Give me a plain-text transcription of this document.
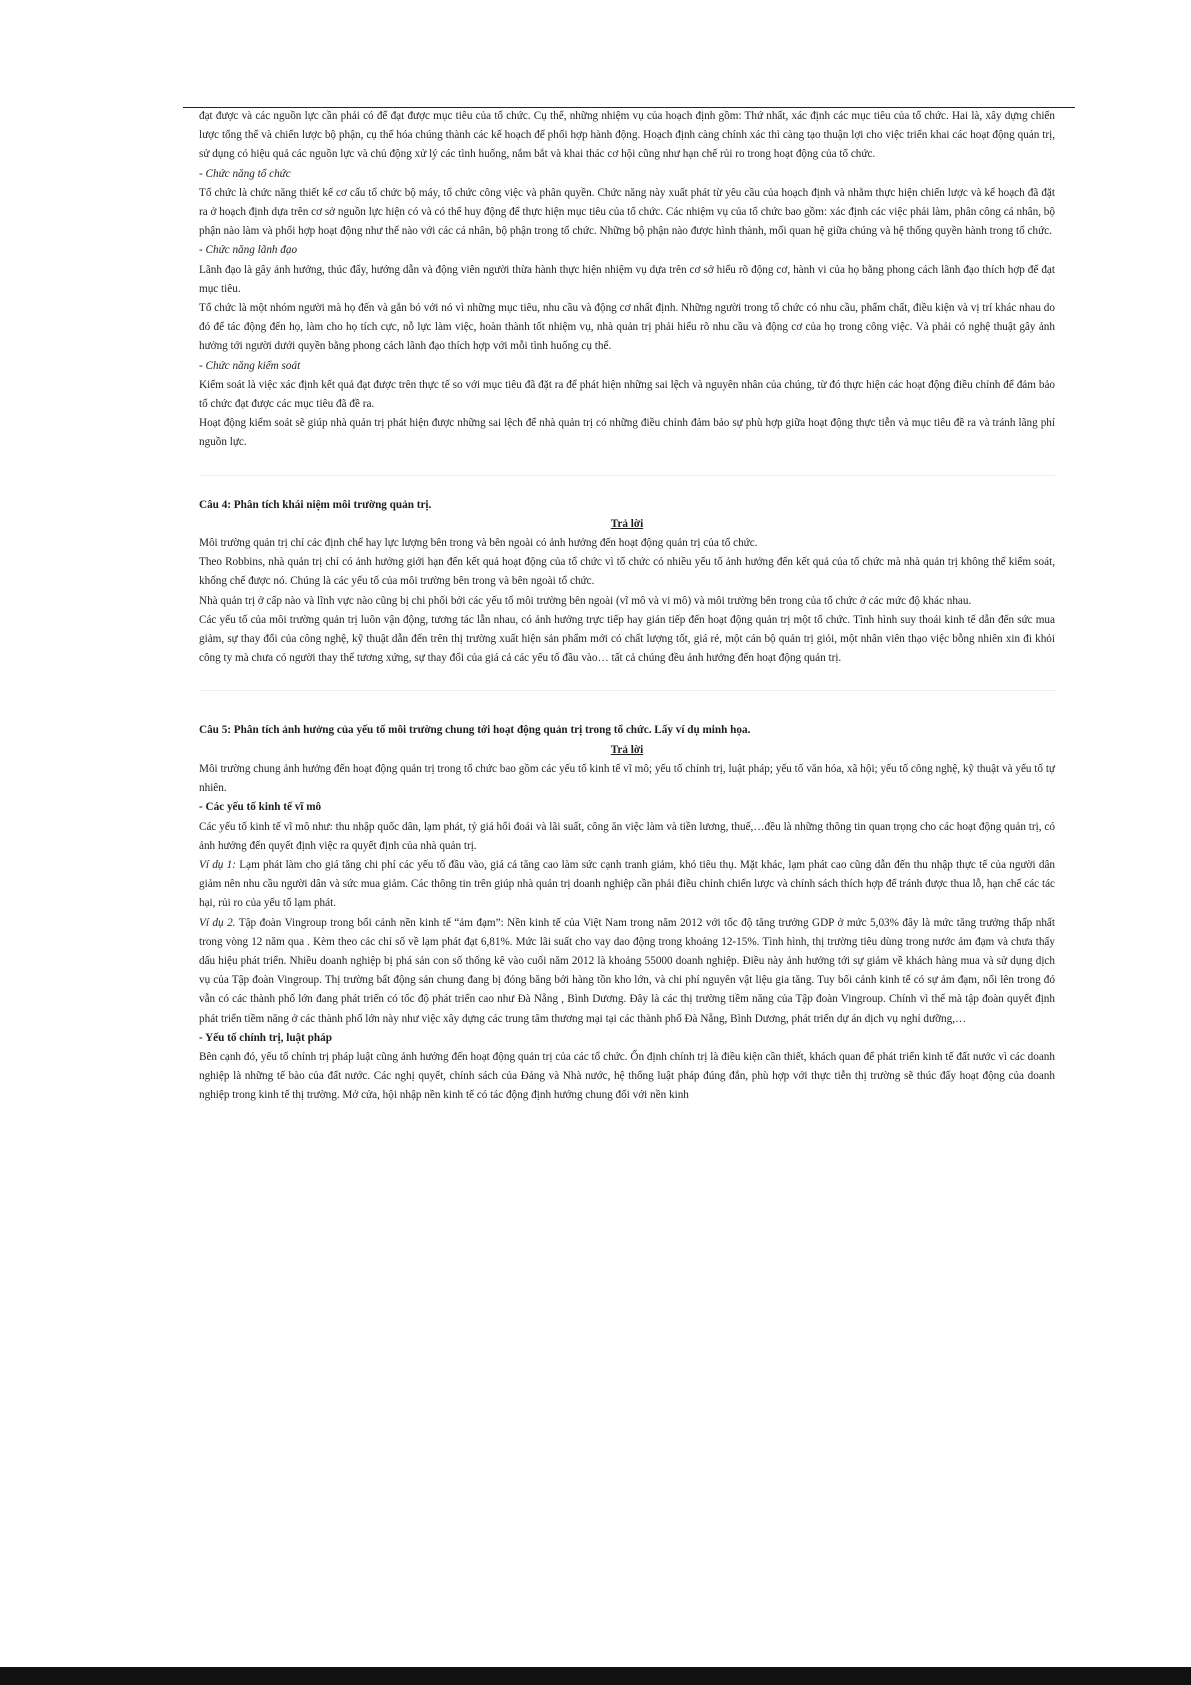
đạt được và các nguồn lực cần phải có để đạt được mục tiêu của tổ chức. Cụ thể, những nhiệm vụ của hoạch định gồm: Thứ nhất, xác định các mục tiêu của tổ chức. Hai là, xây dựng chiến lược tổng thể và chiến lược bộ phận, cụ thể hóa chúng thành các kế hoạch để phối hợp hành động. Hoạch định càng chính xác thì càng tạo thuận lợi cho việc triển khai các hoạt động quản trị, sử dụng có hiệu quả các nguồn lực và chủ động xử lý các tình huống, nắm bắt và khai thác cơ hội cũng như hạn chế rủi ro trong hoạt động của tổ chức.

- Chức năng tổ chức

Tổ chức là chức năng thiết kế cơ cấu tổ chức bộ máy, tổ chức công việc và phân quyền. Chức năng này xuất phát từ yêu cầu của hoạch định và nhằm thực hiện chiến lược và kế hoạch đã đặt ra ở hoạch định dựa trên cơ sở nguồn lực hiện có và có thể huy động để thực hiện mục tiêu của tổ chức. Các nhiệm vụ của tổ chức bao gồm: xác định các việc phải làm, phân công cá nhân, bộ phận nào làm và phối hợp hoạt động như thế nào với các cá nhân, bộ phận trong tổ chức. Những bộ phận nào được hình thành, mối quan hệ giữa chúng và hệ thống quyền hành trong tổ chức.

- Chức năng lãnh đạo

Lãnh đạo là gây ảnh hưởng, thúc đẩy, hướng dẫn và động viên người thừa hành thực hiện nhiệm vụ dựa trên cơ sở hiểu rõ động cơ, hành vi của họ bằng phong cách lãnh đạo thích hợp để đạt mục tiêu.

Tổ chức là một nhóm người mà họ đến và gắn bó với nó vì những mục tiêu, nhu cầu và động cơ nhất định. Những người trong tổ chức có nhu cầu, phẩm chất, điều kiện và vị trí khác nhau do đó để tác động đến họ, làm cho họ tích cực, nỗ lực làm việc, hoàn thành tốt nhiệm vụ, nhà quản trị phải hiểu rõ nhu cầu và động cơ của họ trong công việc. Và phải có nghệ thuật gây ảnh hưởng tới người dưới quyền bằng phong cách lãnh đạo thích hợp với mỗi tình huống cụ thể.

- Chức năng kiểm soát

Kiểm soát là việc xác định kết quả đạt được trên thực tế so với mục tiêu đã đặt ra để phát hiện những sai lệch và nguyên nhân của chúng, từ đó thực hiện các hoạt động điều chỉnh để đảm bảo tổ chức đạt được các mục tiêu đã đề ra.

Hoạt động kiểm soát sẽ giúp nhà quản trị phát hiện được những sai lệch để nhà quản trị có những điều chỉnh đảm bảo sự phù hợp giữa hoạt động thực tiễn và mục tiêu đề ra và tránh lãng phí nguồn lực.

Câu 4: Phân tích khái niệm môi trường quản trị.

Trả lời

Môi trường quản trị chỉ các định chế hay lực lượng bên trong và bên ngoài có ảnh hưởng đến hoạt động quản trị của tổ chức.

Theo Robbins, nhà quản trị chỉ có ảnh hưởng giới hạn đến kết quả hoạt động của tổ chức vì tổ chức có nhiều yếu tố ảnh hưởng đến kết quả của tổ chức mà nhà quản trị không thể kiểm soát, khống chế được nó. Chúng là các yếu tố của môi trường bên trong và bên ngoài tổ chức.

Nhà quản trị ở cấp nào và lĩnh vực nào cũng bị chi phối bởi các yếu tố môi trường bên ngoài (vĩ mô và vi mô) và môi trường bên trong của tổ chức ở các mức độ khác nhau.

Các yếu tố của môi trường quản trị luôn vận động, tương tác lẫn nhau, có ảnh hưởng trực tiếp hay gián tiếp đến hoạt động quản trị một tổ chức. Tình hình suy thoái kinh tế dẫn đến sức mua giảm, sự thay đổi của công nghệ, kỹ thuật dẫn đến trên thị trường xuất hiện sản phẩm mới có chất lượng tốt, giá rẻ, một cán bộ quản trị giỏi, một nhân viên thạo việc bỗng nhiên xin đi khỏi công ty mà chưa có người thay thế tương xứng, sự thay đổi của giá cả các yếu tố đầu vào… tất cả chúng đều ảnh hưởng đến hoạt động quản trị.

Câu 5: Phân tích ảnh hưởng của yếu tố môi trường chung tới hoạt động quản trị trong tổ chức. Lấy ví dụ minh họa.

Trả lời

Môi trường chung ảnh hưởng đến hoạt động quản trị trong tổ chức bao gồm các yếu tố kinh tế vĩ mô; yếu tố chính trị, luật pháp; yếu tố văn hóa, xã hội; yếu tố công nghệ, kỹ thuật và yếu tố tự nhiên.

- Các yếu tố kinh tế vĩ mô

Các yếu tố kinh tế vĩ mô như: thu nhập quốc dân, lạm phát, tỷ giá hối đoái và lãi suất, công ăn việc làm và tiền lương, thuế,…đều là những thông tin quan trọng cho các hoạt động quản trị, có ảnh hưởng đến quyết định việc ra quyết định của nhà quản trị.

Ví dụ 1: Lạm phát làm cho giá tăng chi phí các yếu tố đầu vào, giá cả tăng cao làm sức cạnh tranh giảm, khó tiêu thụ. Mặt khác, lạm phát cao cũng dẫn đến thu nhập thực tế của người dân giảm nên nhu cầu người dân và sức mua giảm. Các thông tin trên giúp nhà quản trị doanh nghiệp cần phải điều chỉnh chiến lược và chính sách thích hợp để tránh được thua lỗ, hạn chế các tác hại, rủi ro của yếu tố lạm phát.

Ví dụ 2. Tập đoàn Vingroup trong bối cảnh nền kinh tế “ảm đạm”: Nền kinh tế của Việt Nam trong năm 2012 với tốc độ tăng trưởng GDP ở mức 5,03% đây là mức tăng trưởng thấp nhất trong vòng 12 năm qua . Kèm theo các chỉ số về lạm phát đạt 6,81%. Mức lãi suất cho vay dao động trong khoảng 12-15%. Tình hình, thị trường tiêu dùng trong nước ảm đạm và chưa thấy dấu hiệu phát triển. Nhiều doanh nghiệp bị phá sản con số thống kê vào cuối năm 2012 là khoảng 55000 doanh nghiệp. Điều này ảnh hưởng tới sự giảm về khách hàng mua và sử dụng dịch vụ của Tập đoàn Vingroup. Thị trường bất động sản chung đang bị đóng băng bởi hàng tồn kho lớn, và chi phí nguyên vật liệu gia tăng. Tuy bối cảnh kinh tế có sự ảm đạm, nổi lên trong đó vẫn có các thành phố lớn đang phát triển có tốc độ phát triển cao như Đà Nẵng , Bình Dương. Đây là các thị trường tiềm năng của Tập đoàn Vingroup. Chính vì thế mà tập đoàn quyết định phát triển tiềm năng ở các thành phố lớn này như việc xây dựng các trung tâm thương mại tại các thành phố Đà Nẵng, Bình Dương, phát triển dự án dịch vụ nghỉ dưỡng,…

- Yếu tố chính trị, luật pháp

Bên cạnh đó, yếu tố chính trị pháp luật cũng ảnh hưởng đến hoạt động quản trị của các tổ chức. Ổn định chính trị là điều kiện cần thiết, khách quan để phát triển kinh tế đất nước vì các doanh nghiệp là những tế bào của đất nước. Các nghị quyết, chính sách của Đảng và Nhà nước, hệ thống luật pháp đúng đắn, phù hợp với thực tiễn thị trường sẽ thúc đẩy hoạt động của doanh nghiệp trong kinh tế thị trường. Mở cửa, hội nhập nền kinh tế có tác động định hướng chung đối với nền kinh
